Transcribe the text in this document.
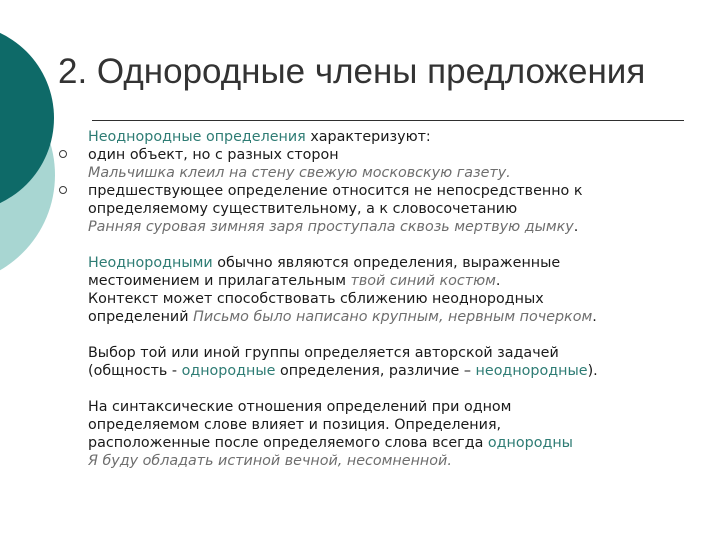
2. Однородные члены предложения

Неоднородные определения характеризуют:

один объект, но с разных сторон

Мальчишка клеил на стену свежую московскую газету.

предшествующее определение относится не непосредственно к

определяемому существительному, а к словосочетанию

Ранняя суровая зимняя заря проступала сквозь мертвую дымку.

Неоднородными обычно являются определения, выраженные

местоимением и прилагательным твой синий костюм.

Контекст может способствовать сближению неоднородных

определений Письмо было написано крупным, нервным почерком.

Выбор той или иной группы определяется авторской задачей

(общность - однородные определения, различие – неоднородные).

На синтаксические отношения определений при одном

определяемом слове влияет и позиция. Определения,

расположенные после определяемого слова всегда однородны

Я буду обладать истиной вечной, несомненной.
